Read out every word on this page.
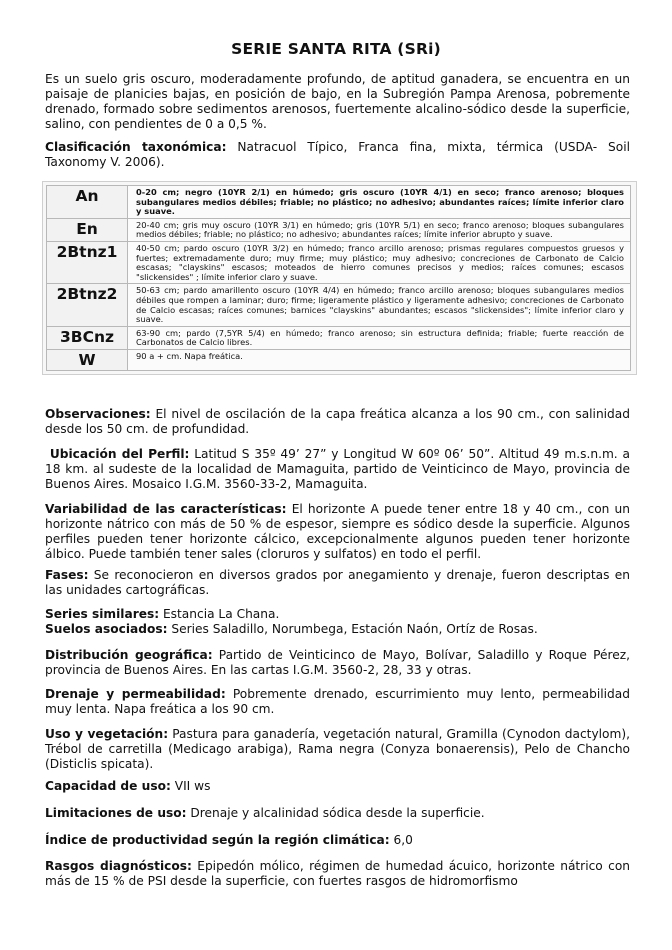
SERIE SANTA RITA (SRi)
Es un suelo gris oscuro, moderadamente profundo, de aptitud ganadera, se encuentra en un paisaje de planicies bajas, en posición de bajo, en la Subregión Pampa Arenosa, pobremente drenado, formado sobre sedimentos arenosos, fuertemente alcalino-sódico desde la superficie, salino, con pendientes de 0 a 0,5 %.
Clasificación taxonómica: Natracuol Típico, Franca fina, mixta, térmica (USDA- Soil Taxonomy V. 2006).
An	0-20 cm; negro (10YR 2/1) en húmedo; gris oscuro (10YR 4/1) en seco; franco arenoso; bloques subangulares medios débiles; friable; no plástico; no adhesivo; abundantes raíces; límite inferior claro y suave.
En	20-40 cm; gris muy oscuro (10YR 3/1) en húmedo; gris (10YR 5/1) en seco; franco arenoso; bloques subangulares medios débiles; friable; no plástico; no adhesivo; abundantes raíces; límite inferior abrupto y suave.
2Btnz1	40-50 cm; pardo oscuro (10YR 3/2) en húmedo; franco arcillo arenoso; prismas regulares compuestos gruesos y fuertes; extremadamente duro; muy firme; muy plástico; muy adhesivo; concreciones de Carbonato de Calcio escasas; "clayskins" escasos; moteados de hierro comunes precisos y medios; raíces comunes; escasos "slickensides" ; límite inferior claro y suave.
2Btnz2	50-63 cm; pardo amarillento oscuro (10YR 4/4) en húmedo; franco arcillo arenoso; bloques subangulares medios débiles que rompen a laminar; duro; firme; ligeramente plástico y ligeramente adhesivo; concreciones de Carbonato de Calcio escasas; raíces comunes; barnices "clayskins" abundantes; escasos "slickensides"; límite inferior claro y suave.
3BCnz	63-90 cm; pardo (7,5YR 5/4) en húmedo; franco arenoso; sin estructura definida; friable; fuerte reacción de Carbonatos de Calcio libres.
W	90 a + cm. Napa freática.
Observaciones: El nivel de oscilación de la capa freática alcanza a los 90 cm., con salinidad desde los 50 cm. de profundidad.
Ubicación del Perfil: Latitud S 35º 49’ 27” y Longitud W 60º 06’ 50”. Altitud 49 m.s.n.m. a 18 km. al sudeste de la localidad de Mamaguita, partido de Veinticinco de Mayo, provincia de Buenos Aires. Mosaico I.G.M. 3560-33-2, Mamaguita.
Variabilidad de las características: El horizonte A puede tener entre 18 y 40 cm., con un horizonte nátrico con más de 50 % de espesor, siempre es sódico desde la superficie. Algunos perfiles pueden tener horizonte cálcico, excepcionalmente algunos pueden tener horizonte álbico. Puede también tener sales (cloruros y sulfatos) en todo el perfil.
Fases: Se reconocieron en diversos grados por anegamiento y drenaje, fueron descriptas en las unidades cartográficas.
Series similares: Estancia La Chana.
Suelos asociados: Series Saladillo, Norumbega, Estación Naón, Ortíz de Rosas.
Distribución geográfica: Partido de Veinticinco de Mayo, Bolívar, Saladillo y Roque Pérez, provincia de Buenos Aires. En las cartas I.G.M. 3560-2, 28, 33 y otras.
Drenaje y permeabilidad: Pobremente drenado, escurrimiento muy lento, permeabilidad muy lenta. Napa freática a los 90 cm.
Uso y vegetación: Pastura para ganadería, vegetación natural, Gramilla (Cynodon dactylom), Trébol de carretilla (Medicago arabiga), Rama negra (Conyza bonaerensis), Pelo de Chancho (Disticlis spicata).
Capacidad de uso: VII ws
Limitaciones de uso: Drenaje y alcalinidad sódica desde la superficie.
Índice de productividad según la región climática: 6,0
Rasgos diagnósticos: Epipedón mólico, régimen de humedad ácuico, horizonte nátrico con más de 15 % de PSI desde la superficie, con fuertes rasgos de hidromorfismo
